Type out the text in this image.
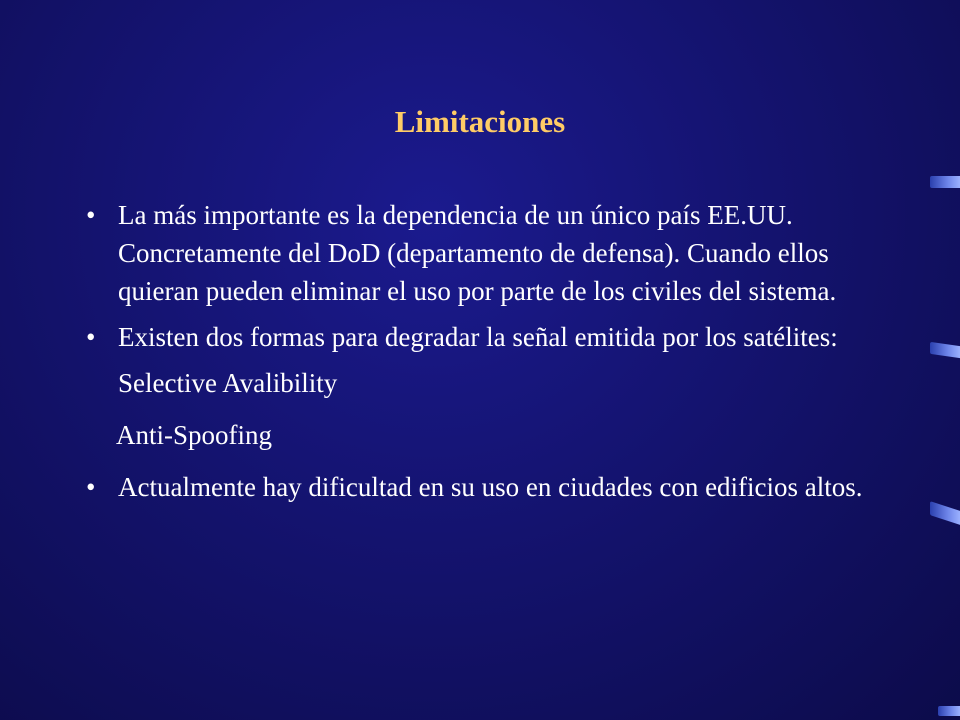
Limitaciones
• La más importante es la dependencia de un único país EE.UU. Concretamente del DoD (departamento de defensa). Cuando ellos quieran pueden eliminar el uso por parte de los civiles del sistema.
• Existen dos formas para degradar la señal emitida por los satélites:
Selective Avalibility
Anti-Spoofing
• Actualmente hay dificultad en su uso en ciudades con edificios altos.
